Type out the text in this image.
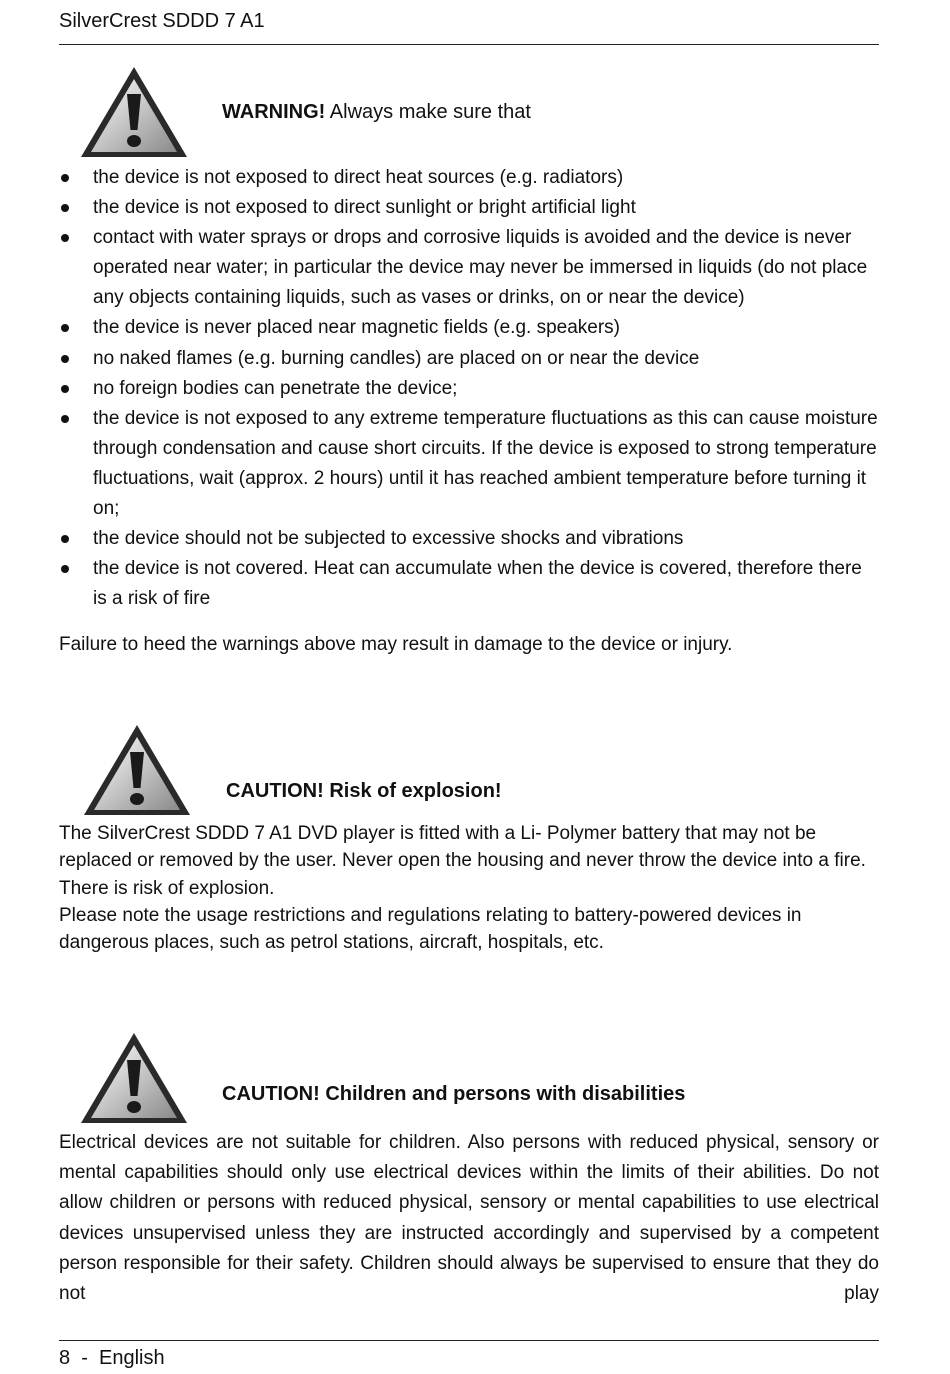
SilverCrest SDDD 7 A1
WARNING! Always make sure that
the device is not exposed to direct heat sources (e.g. radiators)
the device is not exposed to direct sunlight or bright artificial light
contact with water sprays or drops and corrosive liquids is avoided and the device is never operated near water; in particular the device may never be immersed in liquids (do not place any objects containing liquids, such as vases or drinks, on or near the device)
the device is never placed near magnetic fields (e.g. speakers)
no naked flames (e.g. burning candles) are placed on or near the device
no foreign bodies can penetrate the device;
the device is not exposed to any extreme temperature fluctuations as this can cause moisture through condensation and cause short circuits. If the device is exposed to strong temperature fluctuations, wait (approx. 2 hours) until it has reached ambient temperature before turning it on;
the device should not be subjected to excessive shocks and vibrations
the device is not covered. Heat can accumulate when the device is covered, therefore there is a risk of fire

Failure to heed the warnings above may result in damage to the device or injury.

CAUTION! Risk of explosion!

The SilverCrest SDDD 7 A1 DVD player is fitted with a Li- Polymer battery that may not be replaced or removed by the user. Never open the housing and never throw the device into a fire. There is risk of explosion.

Please note the usage restrictions and regulations relating to battery-powered devices in dangerous places, such as petrol stations, aircraft, hospitals, etc.

CAUTION! Children and persons with disabilities

Electrical devices are not suitable for children. Also persons with reduced physical, sensory or mental capabilities should only use electrical devices within the limits of their abilities. Do not allow children or persons with reduced physical, sensory or mental capabilities to use electrical devices unsupervised unless they are instructed accordingly and supervised by a competent person responsible for their safety. Children should always be supervised to ensure that they do not play

8  -  English
